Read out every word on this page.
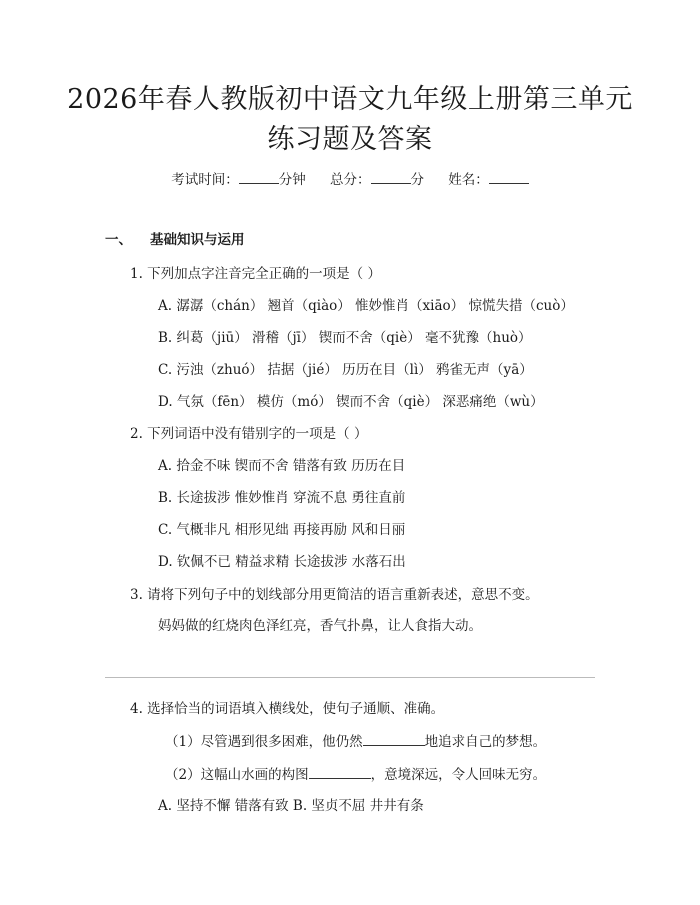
2026年春人教版初中语文九年级上册第三单元练习题及答案
考试时间：	分钟 总分：	分 姓名：
一、 基础知识与运用
1. 下列加点字注音完全正确的一项是（ ）
A. 潺潺（chán） 翘首（qiào） 惟妙惟肖（xiāo） 惊慌失措（cuò）
B. 纠葛（jiū） 滑稽（jī） 锲而不舍（qiè） 毫不犹豫（huò）
C. 污浊（zhuó） 拮据（jié） 历历在目（lì） 鸦雀无声（yā）
D. 气氛（fēn） 模仿（mó） 锲而不舍（qiè） 深恶痛绝（wù）
2. 下列词语中没有错别字的一项是（ ）
A. 拾金不味 锲而不舍 错落有致 历历在目
B. 长途拔涉 惟妙惟肖 穿流不息 勇往直前
C. 气概非凡 相形见绌 再接再励 风和日丽
D. 钦佩不已 精益求精 长途拔涉 水落石出
3. 请将下列句子中的划线部分用更简洁的语言重新表述，意思不变。
妈妈做的红烧肉色泽红亮，香气扑鼻，让人食指大动。
4. 选择恰当的词语填入横线处，使句子通顺、准确。
（1）尽管遇到很多困难，他仍然	地追求自己的梦想。
（2）这幅山水画的构图	，意境深远，令人回味无穷。
A. 坚持不懈 错落有致 B. 坚贞不屈 井井有条
